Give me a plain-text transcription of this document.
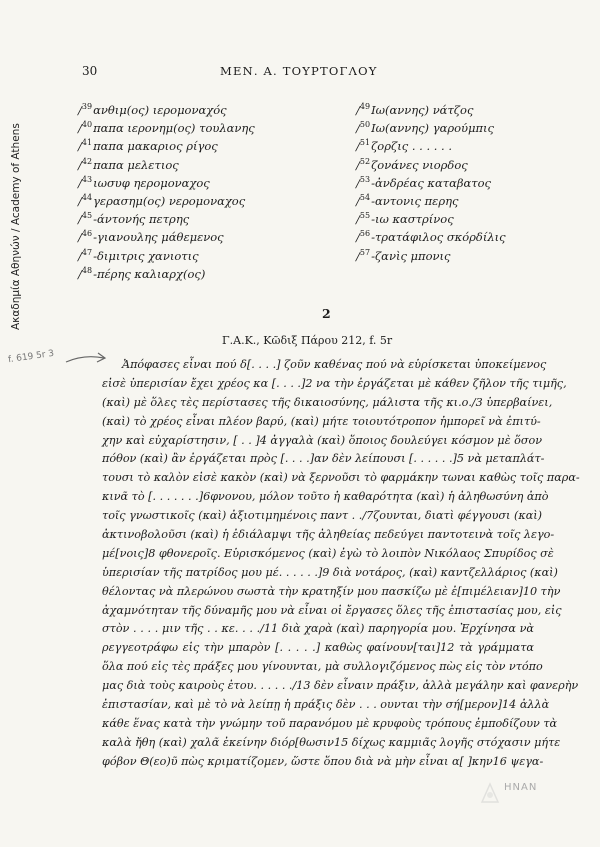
Ακαδημία Αθηνών / Academy of Athens
30	ΜΕΝ. Α. ΤΟΥΡΤΟΓΛΟΥ
/$^{39}$ανθιμ(ος) ιερομοναχός
/$^{40}$παπα ιερονημ(ος) τουλανης
/$^{41}$παπα μακαριος ρίγος
/$^{42}$παπα μελετιος
/$^{43}$ιωσυφ ηερομοναχος
/$^{44}$γερασημ(ος) νερομοναχος
/$^{45}$-άντονής πετρης
/$^{46}$-γιανουλης μάθεμενος
/$^{47}$-διμιτρις χανιοτις
/$^{48}$-πέρης καλιαρχ(ος)
/$^{49}$Ιω(αννης) νάτζος
/$^{50}$Ιω(αννης) γαρούμπις
/$^{51}$ζορζις . . . . . .
/$^{52}$ζονάνες νιορδος
/$^{53}$-ἀνδρέας καταβατος
/$^{54}$-αντονις περης
/$^{55}$-ιω καστρίνος
/$^{56}$-τρατάφιλος σκόρδίλις
/$^{57}$-ζανὶς μπονις
2
Γ.Α.Κ., Κῶδιξ Πάρου 212, f. 5r
f. 619 5r 3	Ἀπόφασες εἶναι πού δ[. . . .] ζοῦν καθένας πού νὰ εὑρίσκεται ὑποκείμενος
εἰσὲ ὑπερισίαν ἔχει χρέος κα [. . . .]2 να τὴν ἐργάζεται μὲ κάθεν ζῆλον τῆς τιμῆς,
(καὶ) μὲ ὅλες τὲς περίστασες τῆς δικαιοσύνης, μάλιστα τῆς κι.ο./3 ὑπερβαίνει,
(καὶ) τὸ χρέος εἶναι πλέον βαρύ, (καὶ) μήτε τοιουτότροπον ἠμπορεῖ νὰ ἐπιτύ-
χην καὶ εὐχαρίστησιν, [ . . ]4 ἀγγαλὰ (καὶ) ὅποιος δουλεύγει κόσμον μὲ ὅσον
πόθον (καὶ) ἂν ἐργάζεται πρὸς [. . . .]αν δὲν λείπουσι [. . . . . .]5 νὰ μεταπλάτ-
τουσι τὸ καλὸν εἰσὲ κακὸν (καὶ) νὰ ξερνοῦσι τὸ φαρμάκην τωναι καθὼς τοῖς παρα-
κινᾶ τὸ [. . . . . . .]6φνονου, μόλον τοῦτο ἡ καθαρότητα (καὶ) ἡ ἀληθωσύνη ἀπὸ
τοῖς γνωστικοῖς (καὶ) ἀξιοτιμημένοις παντ . ./7ζουνται, διατὶ φέγγουσι (καὶ)
ἀκτινοβολοῦσι (καὶ) ἡ ἐδιάλαμψι τῆς ἀληθείας πεδεύγει παντοτεινὰ τοῖς λεγο-
μέ[νοις]8 φθονεροῖς. Εὑρισκόμενος (καὶ) ἐγὼ τὸ λοιπὸν Νικόλαος Σπυρίδος σὲ
ὑπερισίαν τῆς πατρίδος μου μέ. . . . . .]9 διὰ νοτάρος, (καὶ) καντζελλάριος (καὶ)
θέλοντας νὰ πλερώνου σωστὰ τὴν κρατηξίν μου πασκίζω μὲ ἐ[πιμέλειαν]10 τὴν
ἀχαμνότηταν τῆς δύναμῆς μου νὰ εἶναι οἱ ἔργασες ὅλες τῆς ἐπιστασίας μου, εἰς
στὸν . . . . μιν τῆς . . κε. . . ./11 διὰ χαρὰ (καὶ) παρηγορία μου. Ἐρχίνησα νὰ
ρεγγεοτράφω εἰς τὴν μπαρὸν [. . . . .] καθὼς φαίνουν[ται]12 τὰ γράμματα
ὅλα πού εἰς τὲς πράξες μου γίνουνται, μὰ συλλογιζόμενος πὼς εἰς τὸν ντόπο
μας διὰ τοὺς καιροὺς ἐτου. . . . . ./13 δὲν εἶναιν πράξιν, ἀλλὰ μεγάλην καὶ φανερὴν
ἐπιστασίαν, καὶ μὲ τὸ νὰ λείπῃ ἡ πράξις δὲν . . . ουνται τὴν σή[μερον]14 ἀλλὰ
κάθε ἕνας κατὰ τὴν γνώμην τοῦ παρανόμου μὲ κρυφοὺς τρόπους ἐμποδίζουν τὰ
καλὰ ἤθη (καὶ) χαλᾶ ἐκείνην διόρ[θωσιν15 δίχως καμμιᾶς λογῆς στόχασιν μήτε
φόβον Θ(εο)ῦ πὼς κριματίζομεν, ὥστε ὅπου διὰ νὰ μὴν εἶναι α[ ]κην16 ψεγα-
HNAN
